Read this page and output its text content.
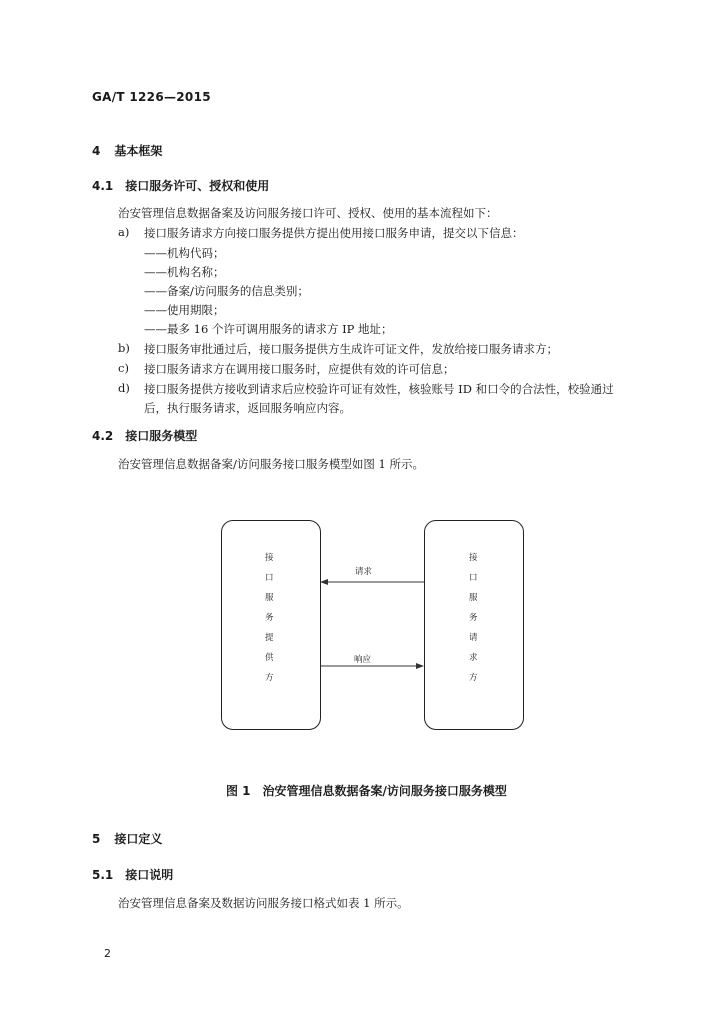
GA/T 1226—2015
4 基本框架
4.1 接口服务许可、授权和使用
治安管理信息数据备案及访问服务接口许可、授权、使用的基本流程如下：
a) 接口服务请求方向接口服务提供方提出使用接口服务申请，提交以下信息：
——机构代码；
——机构名称；
——备案/访问服务的信息类别；
——使用期限；
——最多 16 个许可调用服务的请求方 IP 地址；
b) 接口服务审批通过后，接口服务提供方生成许可证文件，发放给接口服务请求方；
c) 接口服务请求方在调用接口服务时，应提供有效的许可信息；
d) 接口服务提供方接收到请求后应校验许可证有效性，核验账号 ID 和口令的合法性，校验通过
后，执行服务请求，返回服务响应内容。
4.2 接口服务模型
治安管理信息数据备案/访问服务接口服务模型如图 1 所示。
接
口
服
务
提
供
方
接
口
服
务
请
求
方
请求
响应
图 1　治安管理信息数据备案/访问服务接口服务模型
5 接口定义
5.1 接口说明
治安管理信息备案及数据访问服务接口格式如表 1 所示。
2
